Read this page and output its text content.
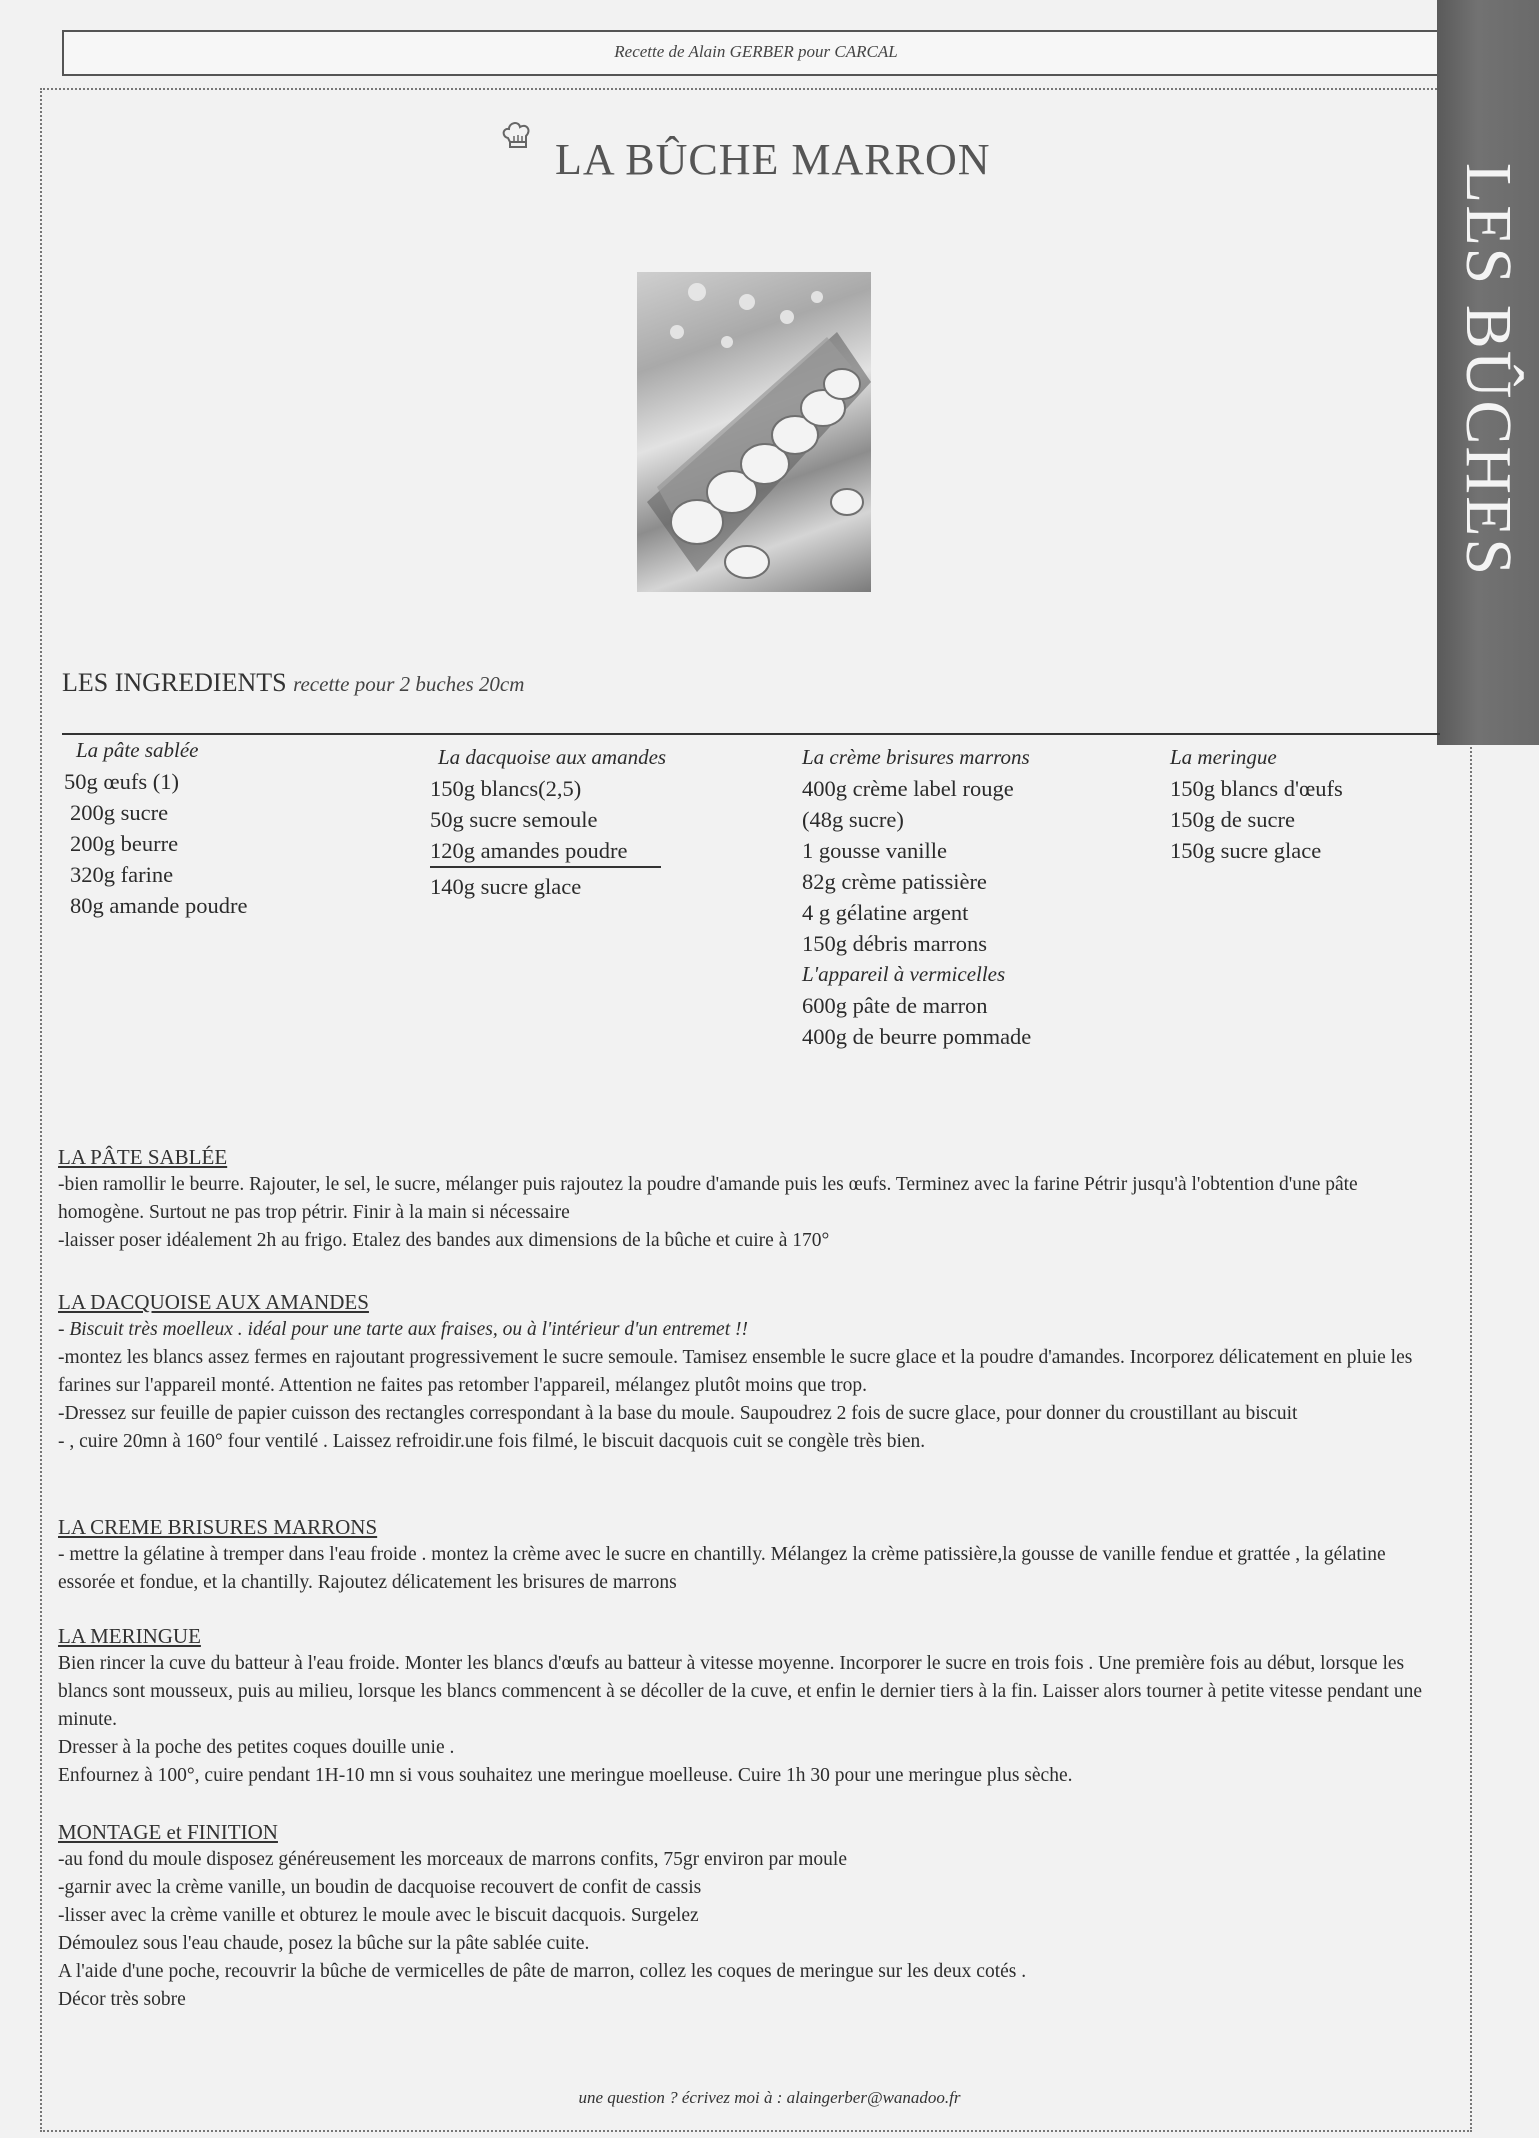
Recette de Alain GERBER pour CARCAL
LES BÛCHES
LA BÛCHE MARRON
LES INGREDIENTS recette pour 2 buches 20cm
La pâte sablée
50g œufs (1)
200g sucre
200g beurre
320g farine
80g amande poudre
La dacquoise aux amandes
150g blancs(2,5)
50g sucre semoule
120g amandes poudre
140g sucre glace
La crème brisures marrons
400g crème label rouge
(48g sucre)
1 gousse vanille
82g crème patissière
4 g gélatine argent
150g débris marrons
L'appareil à vermicelles
600g pâte de marron
400g de beurre pommade
La meringue
150g blancs d'œufs
150g de sucre
150g sucre glace
LA PÂTE SABLÉE

-bien ramollir le beurre. Rajouter, le sel, le sucre, mélanger puis rajoutez la poudre d'amande puis les œufs. Terminez avec la farine Pétrir jusqu'à l'obtention d'une pâte homogène. Surtout ne pas trop pétrir. Finir à la main si nécessaire

-laisser poser idéalement 2h au frigo. Etalez des bandes aux dimensions de la bûche et cuire à 170°

LA DACQUOISE AUX AMANDES

- Biscuit très moelleux . idéal pour une tarte aux fraises, ou à l'intérieur d'un entremet !!

-montez les blancs assez fermes en rajoutant progressivement le sucre semoule. Tamisez ensemble le sucre glace et la poudre d'amandes. Incorporez délicatement en pluie les farines sur l'appareil monté. Attention ne faites pas retomber l'appareil, mélangez plutôt moins que trop.

-Dressez sur feuille de papier cuisson des rectangles correspondant à la base du moule. Saupoudrez 2 fois de sucre glace, pour donner du croustillant au biscuit

- , cuire 20mn à 160° four ventilé . Laissez refroidir.une fois filmé, le biscuit dacquois cuit se congèle très bien.

LA CREME BRISURES MARRONS

- mettre la gélatine à tremper dans l'eau froide . montez la crème avec le sucre en chantilly. Mélangez la crème patissière,la gousse de vanille fendue et grattée , la gélatine essorée et fondue, et la chantilly. Rajoutez délicatement les brisures de marrons

LA MERINGUE

Bien rincer la cuve du batteur à l'eau froide. Monter les blancs d'œufs au batteur à vitesse moyenne. Incorporer le sucre en trois fois . Une première fois au début, lorsque les blancs sont mousseux, puis au milieu, lorsque les blancs commencent à se décoller de la cuve, et enfin le dernier tiers à la fin. Laisser alors tourner à petite vitesse pendant une minute.

Dresser à la poche des petites coques douille unie .

Enfournez à 100°, cuire pendant 1H-10 mn si vous souhaitez une meringue moelleuse. Cuire 1h 30 pour une meringue plus sèche.

MONTAGE et FINITION

-au fond du moule disposez généreusement les morceaux de marrons confits, 75gr environ par moule

-garnir avec la crème vanille, un boudin de dacquoise recouvert de confit de cassis

-lisser avec la crème vanille et obturez le moule avec le biscuit dacquois. Surgelez

Démoulez sous l'eau chaude, posez la bûche sur la pâte sablée cuite.

A l'aide d'une poche, recouvrir la bûche de vermicelles de pâte de marron, collez les coques de meringue sur les deux cotés .

Décor très sobre

une question ? écrivez moi à : alaingerber@wanadoo.fr
